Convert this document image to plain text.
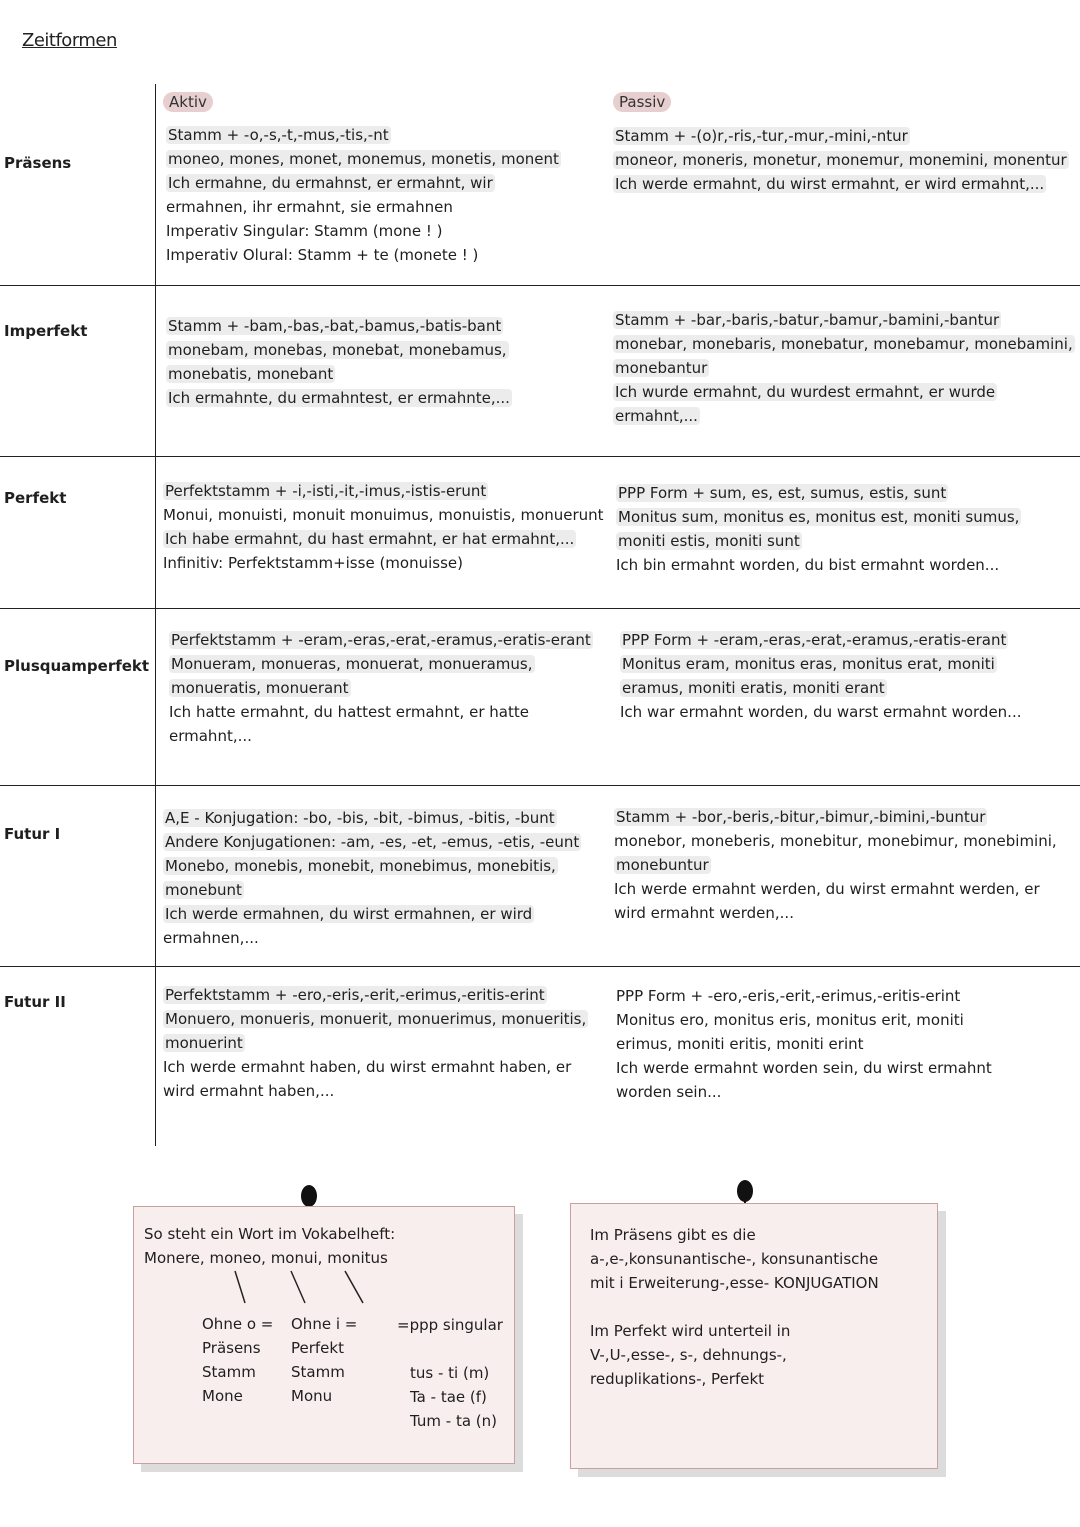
Zeitformen
Aktiv	Passiv
Präsens
Imperfekt
Perfekt
Plusquamperfekt
Futur I
Futur II
Stamm + -o,-s,-t,-mus,-tis,-nt
moneo, mones, monet, monemus, monetis, monent
Ich ermahne, du ermahnst, er ermahnt, wir
ermahnen, ihr ermahnt, sie ermahnen
Imperativ Singular: Stamm (mone ! )
Imperativ Olural: Stamm + te (monete ! )
Stamm + -(o)r,-ris,-tur,-mur,-mini,-ntur
moneor, moneris, monetur, monemur, monemini, monentur
Ich werde ermahnt, du wirst ermahnt, er wird ermahnt,...
Stamm + -bam,-bas,-bat,-bamus,-batis-bant
monebam, monebas, monebat, monebamus,
monebatis, monebant
Ich ermahnte, du ermahntest, er ermahnte,...
Stamm + -bar,-baris,-batur,-bamur,-bamini,-bantur
monebar, monebaris, monebatur, monebamur, monebamini,
monebantur
Ich wurde ermahnt, du wurdest ermahnt, er wurde
ermahnt,...
Perfektstamm + -i,-isti,-it,-imus,-istis-erunt
Monui, monuisti, monuit monuimus, monuistis, monuerunt
Ich habe ermahnt, du hast ermahnt, er hat ermahnt,...
Infinitiv: Perfektstamm+isse (monuisse)
PPP Form + sum, es, est, sumus, estis, sunt
Monitus sum, monitus es, monitus est, moniti sumus,
moniti estis, moniti sunt
Ich bin ermahnt worden, du bist ermahnt worden...
Perfektstamm + -eram,-eras,-erat,-eramus,-eratis-erant
Monueram, monueras, monuerat, monueramus,
monueratis, monuerant
Ich hatte ermahnt, du hattest ermahnt, er hatte
ermahnt,...
PPP Form + -eram,-eras,-erat,-eramus,-eratis-erant
Monitus eram, monitus eras, monitus erat, moniti
eramus, moniti eratis, moniti erant
Ich war ermahnt worden, du warst ermahnt worden...
A,E - Konjugation: -bo, -bis, -bit, -bimus, -bitis, -bunt
Andere Konjugationen: -am, -es, -et, -emus, -etis, -eunt
Monebo, monebis, monebit, monebimus, monebitis,
monebunt
Ich werde ermahnen, du wirst ermahnen, er wird
ermahnen,...
Stamm + -bor,-beris,-bitur,-bimur,-bimini,-buntur
monebor, moneberis, monebitur, monebimur, monebimini,
monebuntur
Ich werde ermahnt werden, du wirst ermahnt werden, er
wird ermahnt werden,...
Perfektstamm + -ero,-eris,-erit,-erimus,-eritis-erint
Monuero, monueris, monuerit, monuerimus, monueritis,
monuerint
Ich werde ermahnt haben, du wirst ermahnt haben, er
wird ermahnt haben,...
PPP Form + -ero,-eris,-erit,-erimus,-eritis-erint
Monitus ero, monitus eris, monitus erit, moniti
erimus, moniti eritis, moniti erint
Ich werde ermahnt worden sein, du wirst ermahnt
worden sein...
So steht ein Wort im Vokabelheft:
Monere, moneo, monui, monitus
Ohne o =
Präsens
Stamm
Mone
Ohne i =
Perfekt
Stamm
Monu
=ppp singular
tus - ti (m)
Ta - tae (f)
Tum - ta (n)
Im Präsens gibt es die
a-,e-,konsunantische-, konsunantische
mit i Erweiterung-,esse- KONJUGATION
Im Perfekt wird unterteil in
V-,U-,esse-, s-, dehnungs-,
reduplikations-, Perfekt
